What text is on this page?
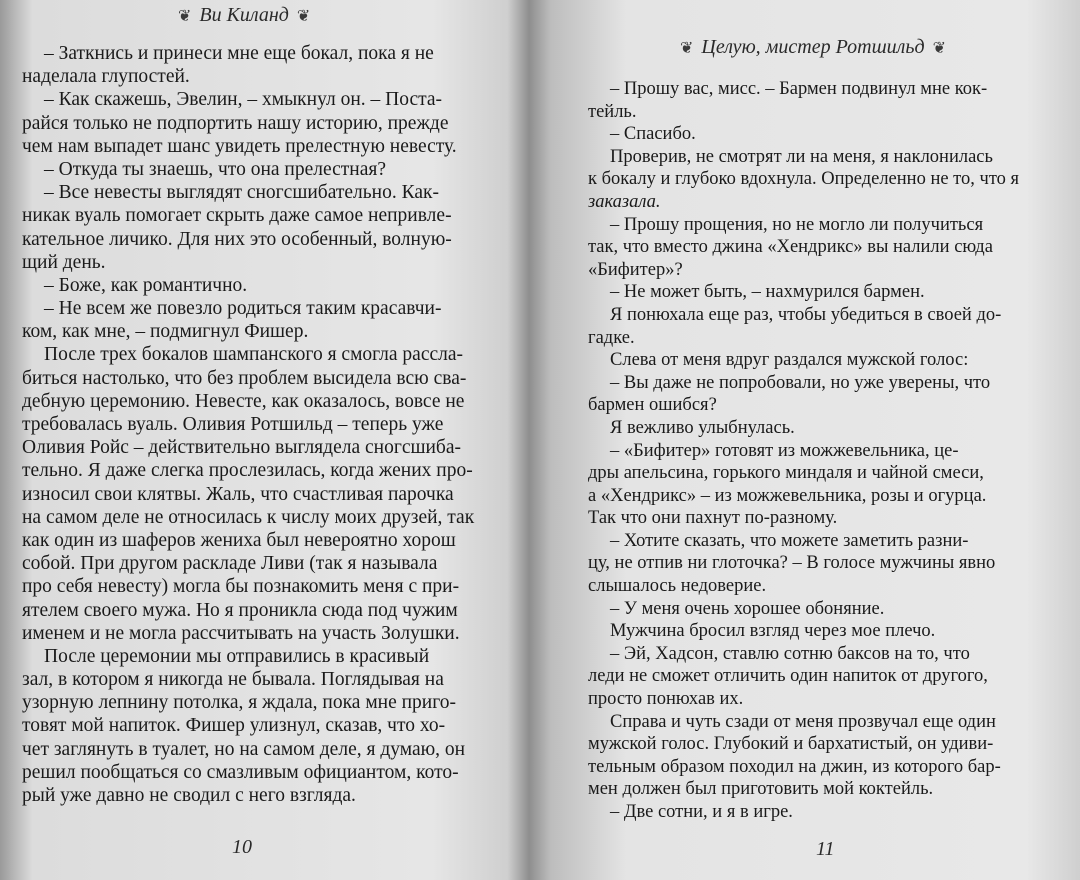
❦ Ви Киланд ❦
– Заткнись и принеси мне еще бокал, пока я не
наделала глупостей.
– Как скажешь, Эвелин, – хмыкнул он. – Поста-
райся только не подпортить нашу историю, прежде
чем нам выпадет шанс увидеть прелестную невесту.
– Откуда ты знаешь, что она прелестная?
– Все невесты выглядят сногсшибательно. Как-
никак вуаль помогает скрыть даже самое непривле-
кательное личико. Для них это особенный, волную-
щий день.
– Боже, как романтично.
– Не всем же повезло родиться таким красавчи-
ком, как мне, – подмигнул Фишер.
После трех бокалов шампанского я смогла рассла-
биться настолько, что без проблем высидела всю сва-
дебную церемонию. Невесте, как оказалось, вовсе не
требовалась вуаль. Оливия Ротшильд – теперь уже
Оливия Ройс – действительно выглядела сногсшиба-
тельно. Я даже слегка прослезилась, когда жених про-
износил свои клятвы. Жаль, что счастливая парочка
на самом деле не относилась к числу моих друзей, так
как один из шаферов жениха был невероятно хорош
собой. При другом раскладе Ливи (так я называла
про себя невесту) могла бы познакомить меня с при-
ятелем своего мужа. Но я проникла сюда под чужим
именем и не могла рассчитывать на участь Золушки.
После церемонии мы отправились в красивый
зал, в котором я никогда не бывала. Поглядывая на
узорную лепнину потолка, я ждала, пока мне приго-
товят мой напиток. Фишер улизнул, сказав, что хо-
чет заглянуть в туалет, но на самом деле, я думаю, он
решил пообщаться со смазливым официантом, кото-
рый уже давно не сводил с него взгляда.
10
❦ Целую, мистер Ротшильд ❦
– Прошу вас, мисс. – Бармен подвинул мне кок-
тейль.
– Спасибо.
Проверив, не смотрят ли на меня, я наклонилась
к бокалу и глубоко вдохнула. Определенно не то, что я
заказала.
– Прошу прощения, но не могло ли получиться
так, что вместо джина «Хендрикс» вы налили сюда
«Бифитер»?
– Не может быть, – нахмурился бармен.
Я понюхала еще раз, чтобы убедиться в своей до-
гадке.
Слева от меня вдруг раздался мужской голос:
– Вы даже не попробовали, но уже уверены, что
бармен ошибся?
Я вежливо улыбнулась.
– «Бифитер» готовят из можжевельника, це-
дры апельсина, горького миндаля и чайной смеси,
а «Хендрикс» – из можжевельника, розы и огурца.
Так что они пахнут по-разному.
– Хотите сказать, что можете заметить разни-
цу, не отпив ни глоточка? – В голосе мужчины явно
слышалось недоверие.
– У меня очень хорошее обоняние.
Мужчина бросил взгляд через мое плечо.
– Эй, Хадсон, ставлю сотню баксов на то, что
леди не сможет отличить один напиток от другого,
просто понюхав их.
Справа и чуть сзади от меня прозвучал еще один
мужской голос. Глубокий и бархатистый, он удиви-
тельным образом походил на джин, из которого бар-
мен должен был приготовить мой коктейль.
– Две сотни, и я в игре.
11
